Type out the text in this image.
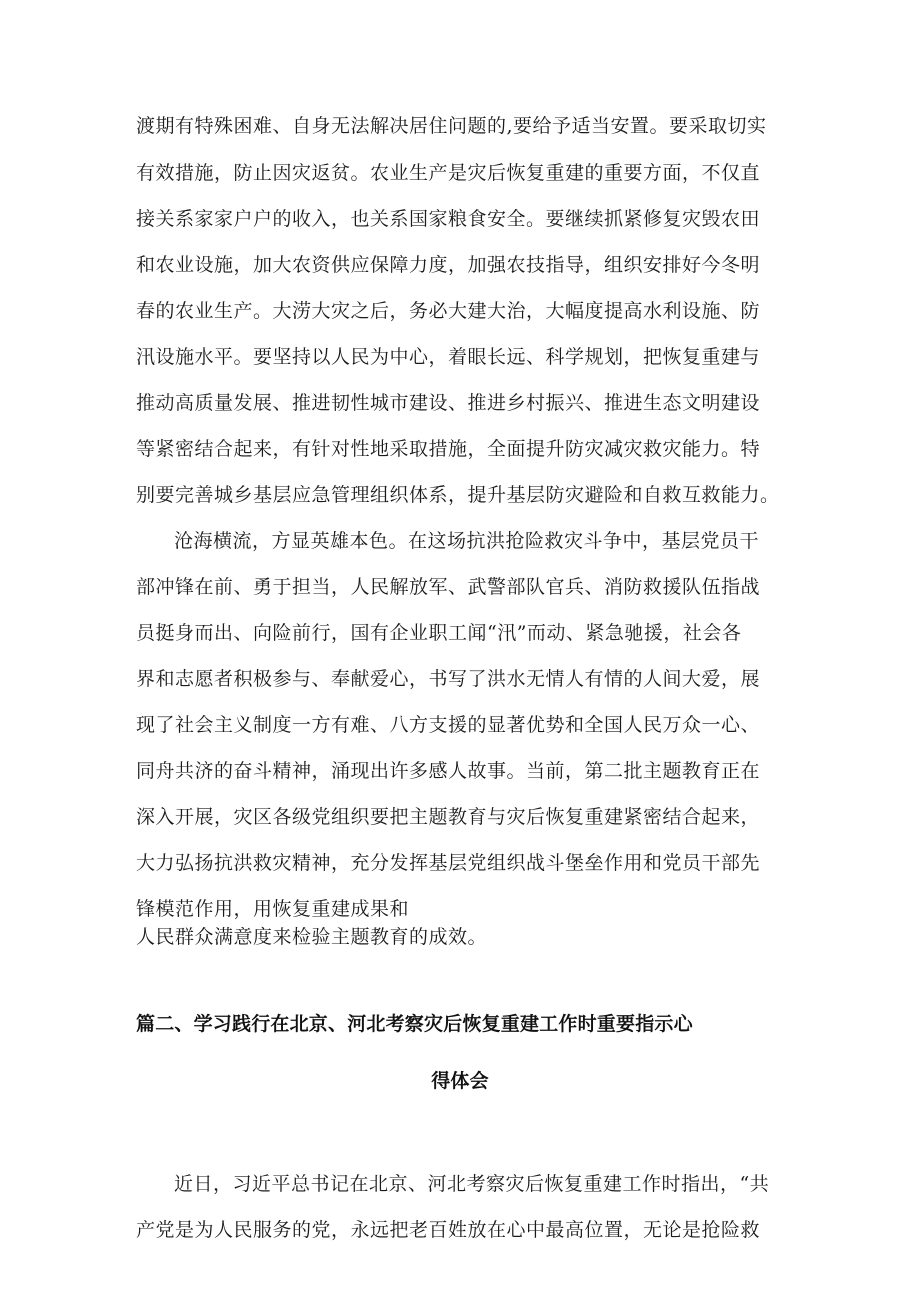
渡期有特殊困难、自身无法解决居住问题的,要给予适当安置。要采取切实
有效措施，防止因灾返贫。农业生产是灾后恢复重建的重要方面，不仅直
接关系家家户户的收入，也关系国家粮食安全。要继续抓紧修复灾毁农田
和农业设施，加大农资供应保障力度，加强农技指导，组织安排好今冬明
春的农业生产。大涝大灾之后，务必大建大治，大幅度提高水利设施、防
汛设施水平。要坚持以人民为中心，着眼长远、科学规划，把恢复重建与
推动高质量发展、推进韧性城市建设、推进乡村振兴、推进生态文明建设
等紧密结合起来，有针对性地采取措施，全面提升防灾减灾救灾能力。特
别要完善城乡基层应急管理组织体系，提升基层防灾避险和自救互救能力。
沧海横流，方显英雄本色。在这场抗洪抢险救灾斗争中，基层党员干
部冲锋在前、勇于担当，人民解放军、武警部队官兵、消防救援队伍指战
员挺身而出、向险前行，国有企业职工闻“汛”而动、紧急驰援，社会各
界和志愿者积极参与、奉献爱心，书写了洪水无情人有情的人间大爱，展
现了社会主义制度一方有难、八方支援的显著优势和全国人民万众一心、
同舟共济的奋斗精神，涌现出许多感人故事。当前，第二批主题教育正在
深入开展，灾区各级党组织要把主题教育与灾后恢复重建紧密结合起来，
大力弘扬抗洪救灾精神，充分发挥基层党组织战斗堡垒作用和党员干部先
锋模范作用，用恢复重建成果和
人民群众满意度来检验主题教育的成效。
篇二、学习践行在北京、河北考察灾后恢复重建工作时重要指示心
得体会
近日，习近平总书记在北京、河北考察灾后恢复重建工作时指出，“共
产党是为人民服务的党，永远把老百姓放在心中最高位置，无论是抢险救
